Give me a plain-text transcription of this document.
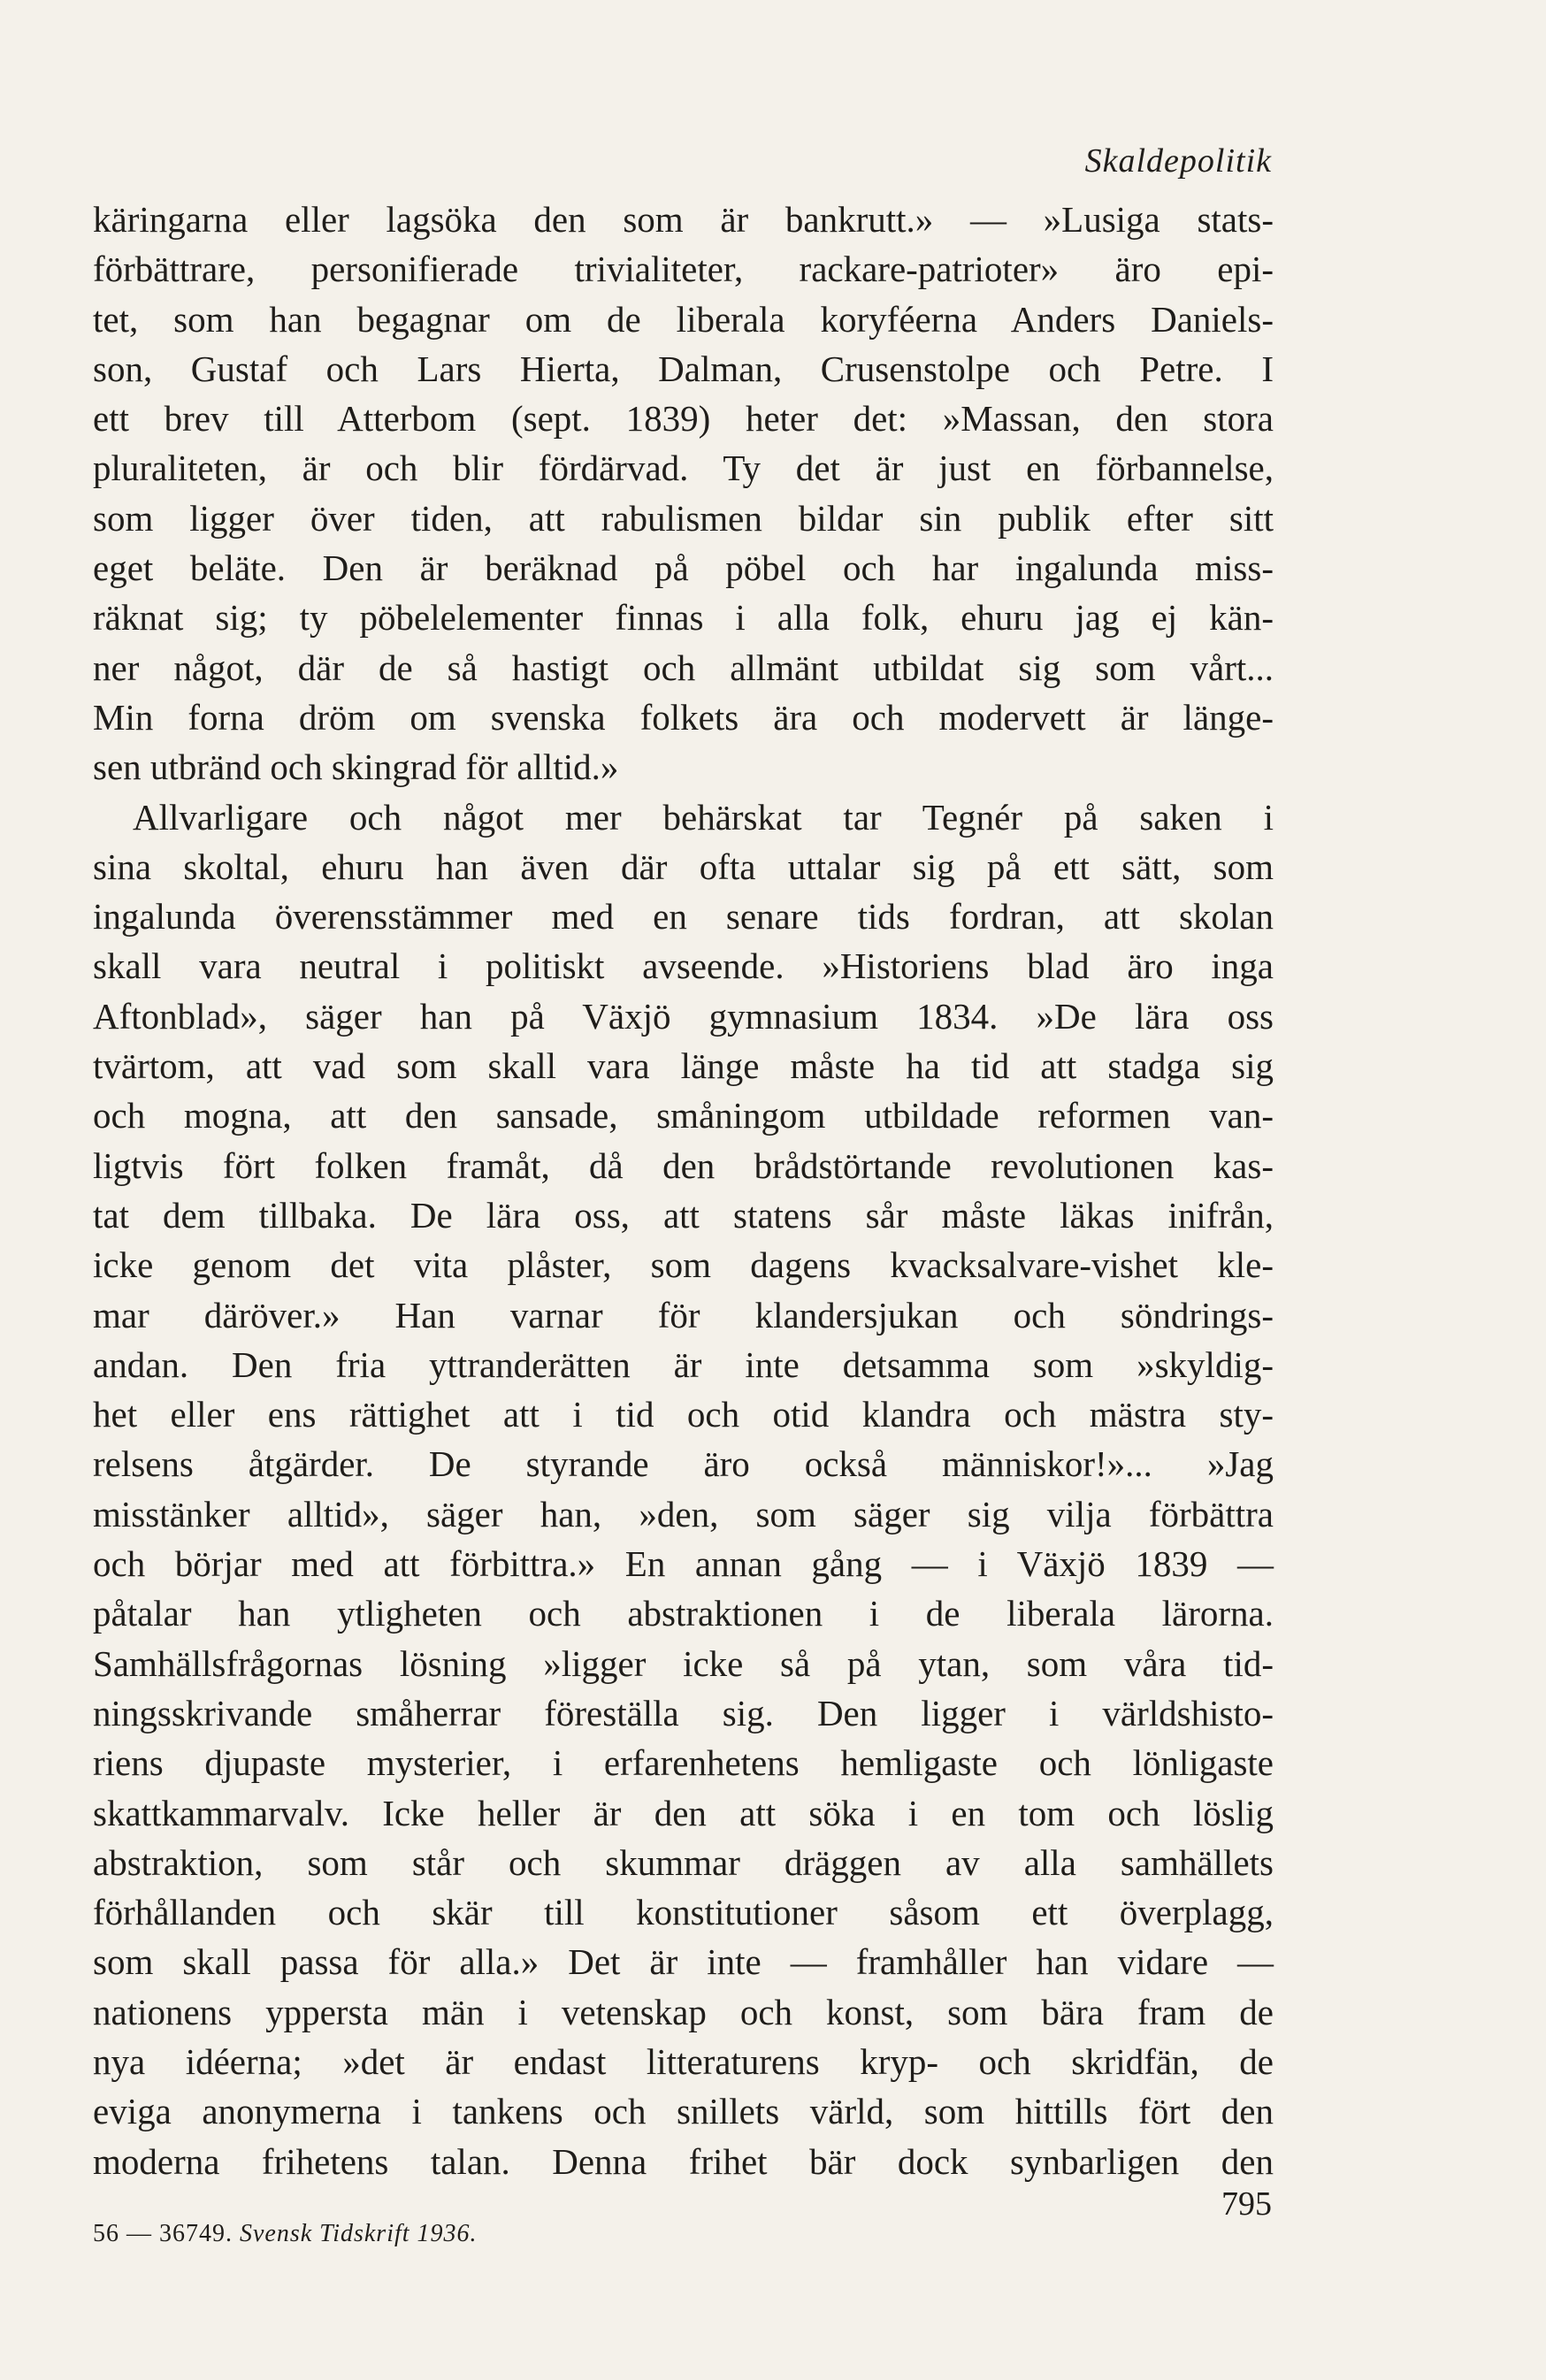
Skaldepolitik
käringarna eller lagsöka den som är bankrutt.» — »Lusiga stats-
förbättrare, personifierade trivialiteter, rackare-patrioter» äro epi-
tet, som han begagnar om de liberala koryféerna Anders Daniels-
son, Gustaf och Lars Hierta, Dalman, Crusenstolpe och Petre. I
ett brev till Atterbom (sept. 1839) heter det: »Massan, den stora
pluraliteten, är och blir fördärvad. Ty det är just en förbannelse,
som ligger över tiden, att rabulismen bildar sin publik efter sitt
eget beläte. Den är beräknad på pöbel och har ingalunda miss-
räknat sig; ty pöbelelementer finnas i alla folk, ehuru jag ej kän-
ner något, där de så hastigt och allmänt utbildat sig som vårt...
Min forna dröm om svenska folkets ära och modervett är länge-
sen utbränd och skingrad för alltid.»
Allvarligare och något mer behärskat tar Tegnér på saken i
sina skoltal, ehuru han även där ofta uttalar sig på ett sätt, som
ingalunda överensstämmer med en senare tids fordran, att skolan
skall vara neutral i politiskt avseende. »Historiens blad äro inga
Aftonblad», säger han på Växjö gymnasium 1834. »De lära oss
tvärtom, att vad som skall vara länge måste ha tid att stadga sig
och mogna, att den sansade, småningom utbildade reformen van-
ligtvis fört folken framåt, då den brådstörtande revolutionen kas-
tat dem tillbaka. De lära oss, att statens sår måste läkas inifrån,
icke genom det vita plåster, som dagens kvacksalvare-vishet kle-
mar däröver.» Han varnar för klandersjukan och söndrings-
andan. Den fria yttranderätten är inte detsamma som »skyldig-
het eller ens rättighet att i tid och otid klandra och mästra sty-
relsens åtgärder. De styrande äro också människor!»... »Jag
misstänker alltid», säger han, »den, som säger sig vilja förbättra
och börjar med att förbittra.» En annan gång — i Växjö 1839 —
påtalar han ytligheten och abstraktionen i de liberala lärorna.
Samhällsfrågornas lösning »ligger icke så på ytan, som våra tid-
ningsskrivande småherrar föreställa sig. Den ligger i världshisto-
riens djupaste mysterier, i erfarenhetens hemligaste och lönligaste
skattkammarvalv. Icke heller är den att söka i en tom och löslig
abstraktion, som står och skummar dräggen av alla samhällets
förhållanden och skär till konstitutioner såsom ett överplagg,
som skall passa för alla.» Det är inte — framhåller han vidare —
nationens yppersta män i vetenskap och konst, som bära fram de
nya idéerna; »det är endast litteraturens kryp- och skridfän, de
eviga anonymerna i tankens och snillets värld, som hittills fört den
moderna frihetens talan. Denna frihet bär dock synbarligen den
56 — 36749. Svensk Tidskrift 1936.
795
